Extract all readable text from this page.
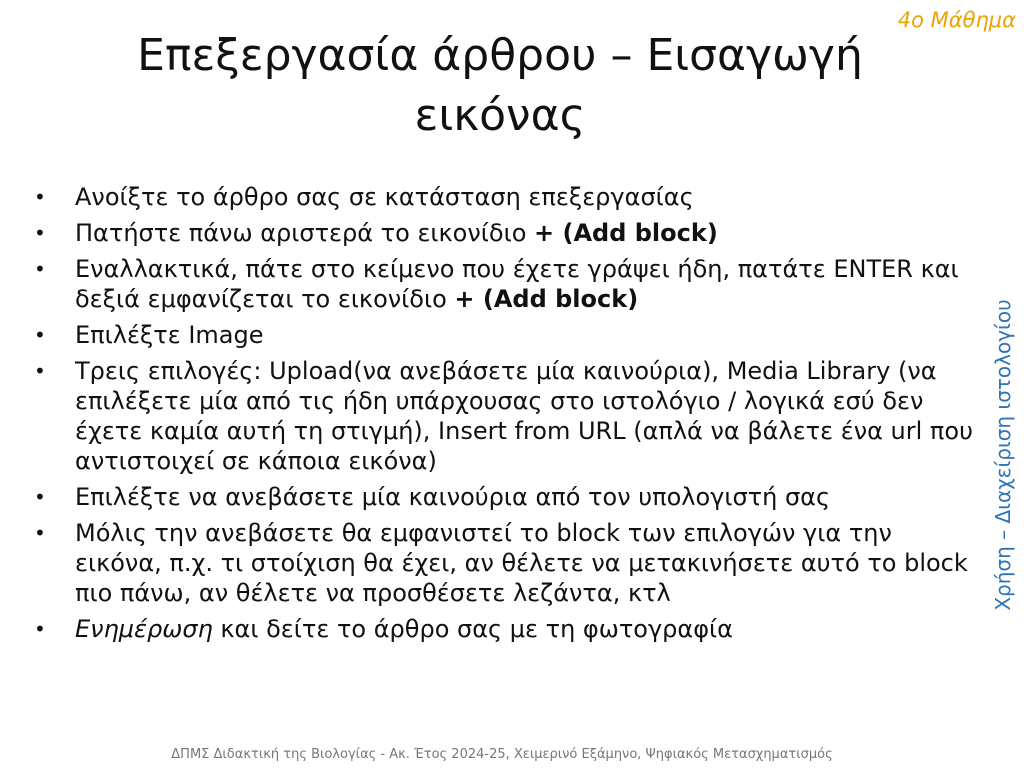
4ο Μάθημα
Επεξεργασία άρθρου – Εισαγωγή εικόνας
Χρήση – Διαχείριση ιστολογίου
• Ανοίξτε το άρθρο σας σε κατάσταση επεξεργασίας
• Πατήστε πάνω αριστερά το εικονίδιο + (Add block)
• Εναλλακτικά, πάτε στο κείμενο που έχετε γράψει ήδη, πατάτε ENTER και δεξιά εμφανίζεται το εικονίδιο + (Add block)
• Επιλέξτε Image
• Τρεις επιλογές: Upload(να ανεβάσετε μία καινούρια), Media Library (να επιλέξετε μία από τις ήδη υπάρχουσας στο ιστολόγιο / λογικά εσύ δεν έχετε καμία αυτή τη στιγμή), Insert from URL (απλά να βάλετε ένα url που αντιστοιχεί σε κάποια εικόνα)
• Επιλέξτε να ανεβάσετε μία καινούρια από τον υπολογιστή σας
• Μόλις την ανεβάσετε θα εμφανιστεί το block των επιλογών για την εικόνα, π.χ. τι στοίχιση θα έχει, αν θέλετε να μετακινήσετε αυτό το block πιο πάνω, αν θέλετε να προσθέσετε λεζάντα, κτλ
• Ενημέρωση και δείτε το άρθρο σας με τη φωτογραφία
ΔΠΜΣ Διδακτική της Βιολογίας - Ακ. Έτος 2024-25, Χειμερινό Εξάμηνο, Ψηφιακός Μετασχηματισμός
